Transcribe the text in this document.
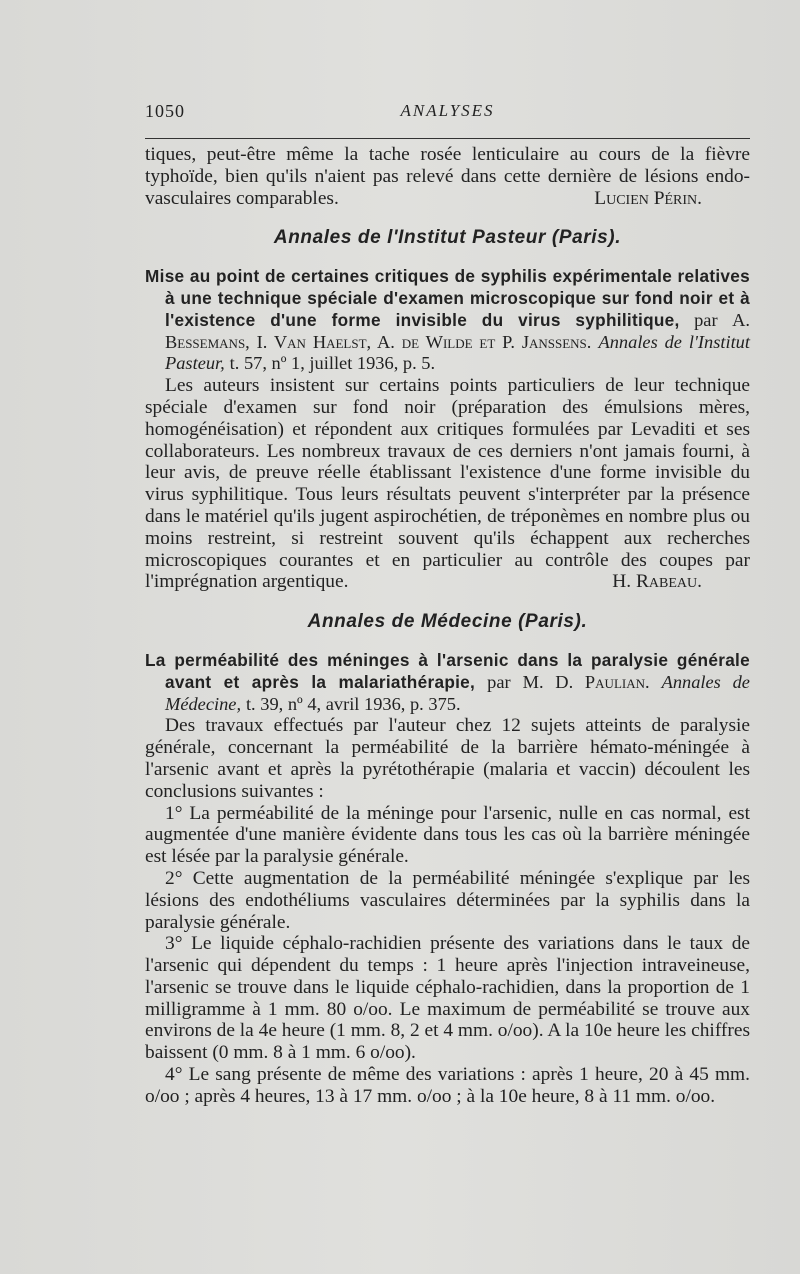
1050	ANALYSES

tiques, peut-être même la tache rosée lenticulaire au cours de la fièvre typhoïde, bien qu'ils n'aient pas relevé dans cette dernière de lésions endo-vasculaires comparables.	Lucien Périn.

Annales de l'Institut Pasteur (Paris).

Mise au point de certaines critiques de syphilis expérimentale relatives à une technique spéciale d'examen microscopique sur fond noir et à l'existence d'une forme invisible du virus syphilitique, par A. Bessemans, I. Van Haelst, A. de Wilde et P. Janssens. Annales de l'Institut Pasteur, t. 57, nº 1, juillet 1936, p. 5.

Les auteurs insistent sur certains points particuliers de leur technique spéciale d'examen sur fond noir (préparation des émulsions mères, homogénéisation) et répondent aux critiques formulées par Levaditi et ses collaborateurs. Les nombreux travaux de ces derniers n'ont jamais fourni, à leur avis, de preuve réelle établissant l'existence d'une forme invisible du virus syphilitique. Tous leurs résultats peuvent s'interpréter par la présence dans le matériel qu'ils jugent aspirochétien, de tréponèmes en nombre plus ou moins restreint, si restreint souvent qu'ils échappent aux recherches microscopiques courantes et en particulier au contrôle des coupes par l'imprégnation argentique.	H. Rabeau.

Annales de Médecine (Paris).

La perméabilité des méninges à l'arsenic dans la paralysie générale avant et après la malariathérapie, par M. D. Paulian. Annales de Médecine, t. 39, nº 4, avril 1936, p. 375.

Des travaux effectués par l'auteur chez 12 sujets atteints de paralysie générale, concernant la perméabilité de la barrière hémato-méningée à l'arsenic avant et après la pyrétothérapie (malaria et vaccin) découlent les conclusions suivantes :

1° La perméabilité de la méninge pour l'arsenic, nulle en cas normal, est augmentée d'une manière évidente dans tous les cas où la barrière méningée est lésée par la paralysie générale.

2° Cette augmentation de la perméabilité méningée s'explique par les lésions des endothéliums vasculaires déterminées par la syphilis dans la paralysie générale.

3° Le liquide céphalo-rachidien présente des variations dans le taux de l'arsenic qui dépendent du temps : 1 heure après l'injection intraveineuse, l'arsenic se trouve dans le liquide céphalo-rachidien, dans la proportion de 1 milligramme à 1 mm. 80 o/oo. Le maximum de perméabilité se trouve aux environs de la 4e heure (1 mm. 8, 2 et 4 mm. o/oo). A la 10e heure les chiffres baissent (0 mm. 8 à 1 mm. 6 o/oo).

4° Le sang présente de même des variations : après 1 heure, 20 à 45 mm. o/oo ; après 4 heures, 13 à 17 mm. o/oo ; à la 10e heure, 8 à 11 mm. o/oo.
